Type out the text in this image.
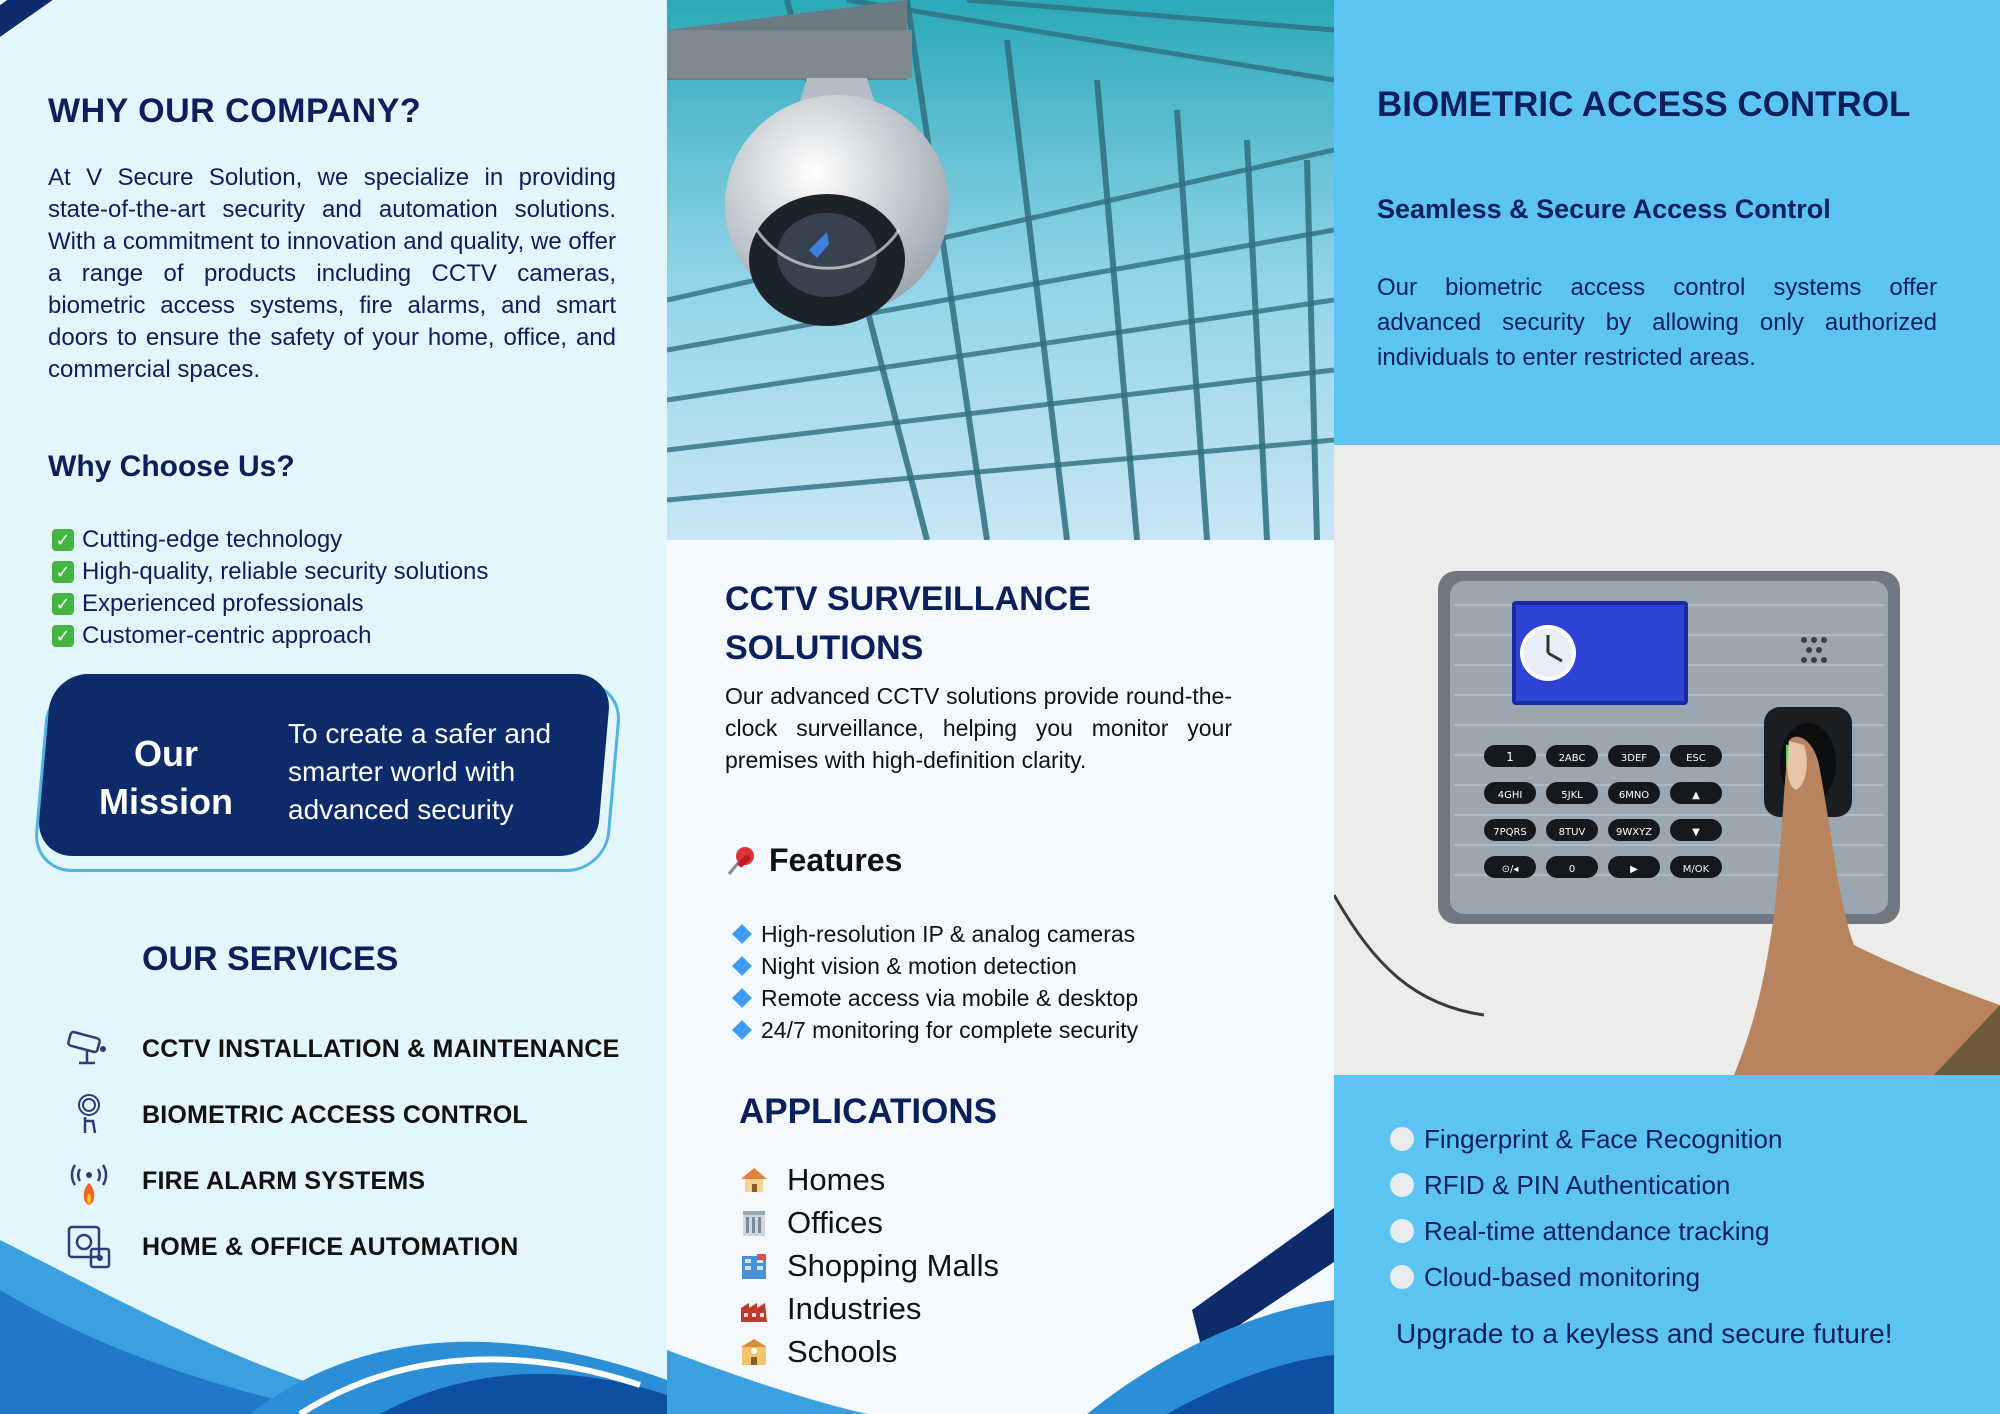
WHY OUR COMPANY?

At V Secure Solution, we specialize in providing state-of-the-art security and automation solutions. With a commitment to innovation and quality, we offer a range of products including CCTV cameras, biometric access systems, fire alarms, and smart doors to ensure the safety of your home, office, and commercial spaces.

Why Choose Us?
✓ Cutting-edge technology
✓ High-quality, reliable security solutions
✓ Experienced professionals
✓ Customer-centric approach
Our Mission
To create a safer and smarter world with advanced security
OUR SERVICES
CCTV INSTALLATION & MAINTENANCE
BIOMETRIC ACCESS CONTROL
FIRE ALARM SYSTEMS
HOME & OFFICE AUTOMATION
CCTV SURVEILLANCE SOLUTIONS

Our advanced CCTV solutions provide round-the-clock surveillance, helping you monitor your premises with high-definition clarity.

Features
High-resolution IP & analog cameras
Night vision & motion detection
Remote access via mobile & desktop
24/7 monitoring for complete security
APPLICATIONS
Homes
Offices
Shopping Malls
Industries
Schools
BIOMETRIC ACCESS CONTROL
Seamless & Secure Access Control

Our biometric access control systems offer advanced security by allowing only authorized individuals to enter restricted areas.

1	2ABC	3DEF	ESC
4GHI	5JKL	6MNO	▲
7PQRS	8TUV	9WXYZ	▼
⊙/◂	0	▶	M/OK
Fingerprint & Face Recognition
RFID & PIN Authentication
Real-time attendance tracking
Cloud-based monitoring
Upgrade to a keyless and secure future!
